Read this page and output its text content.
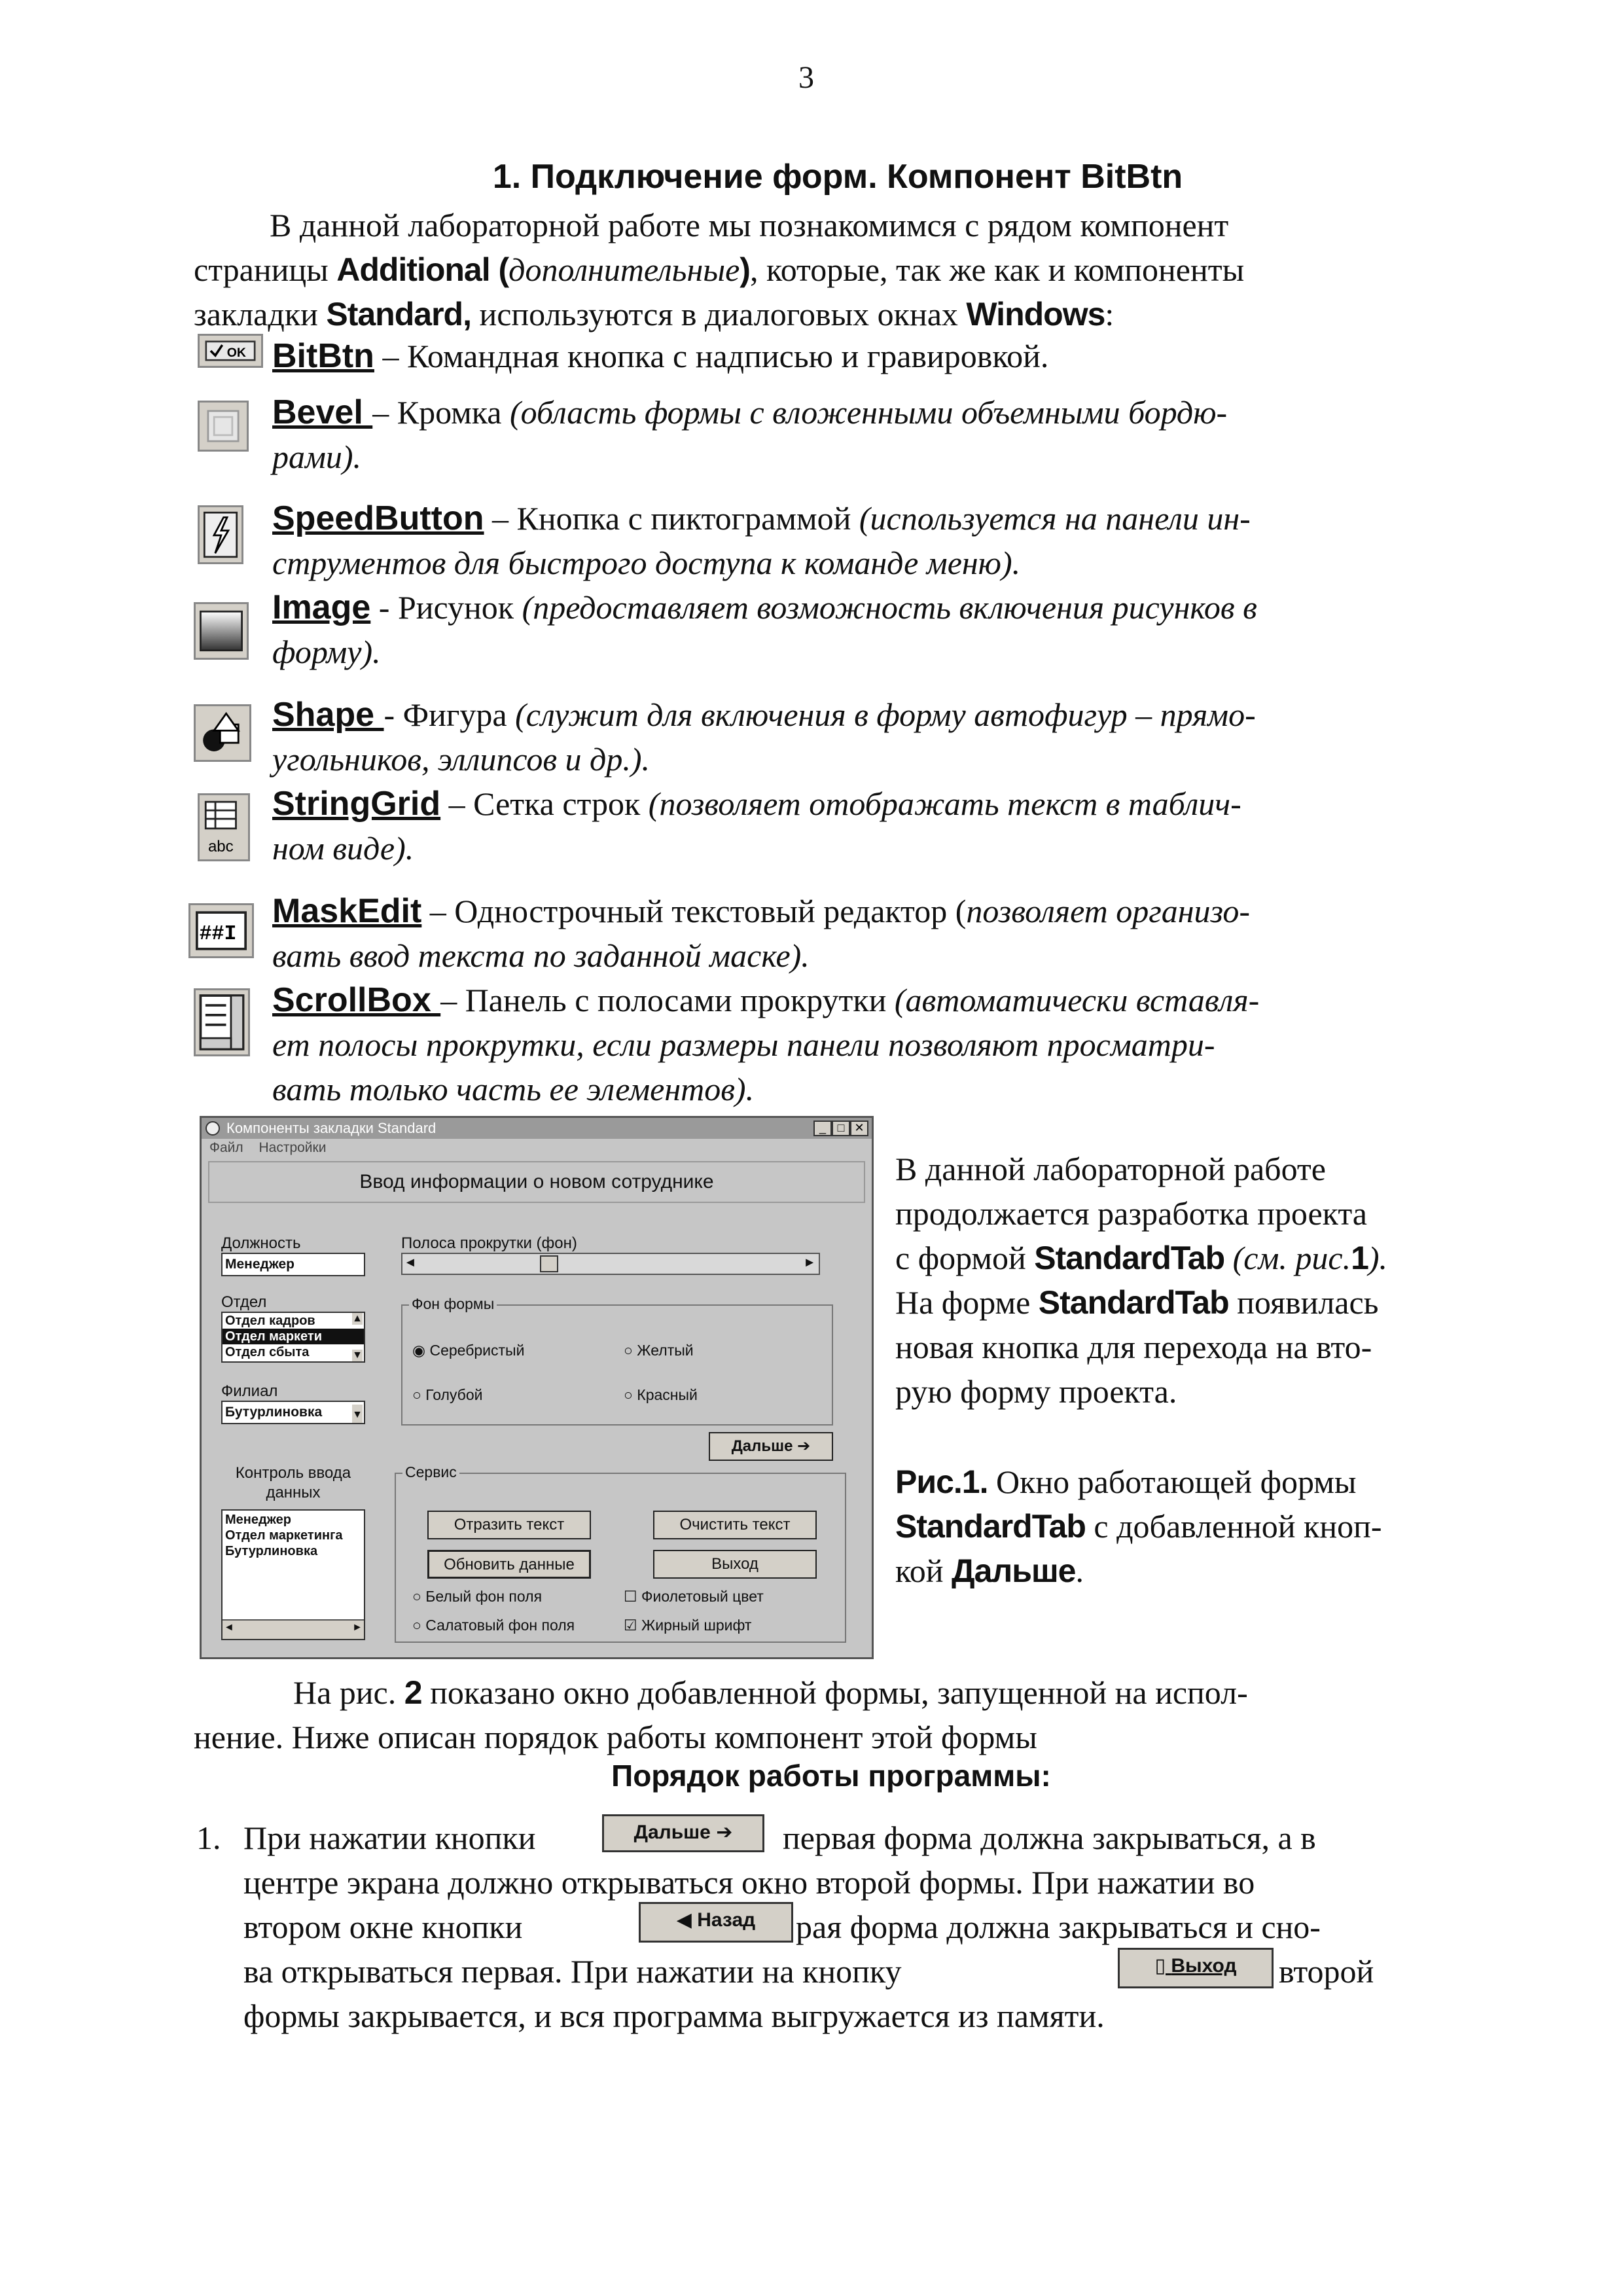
3
1. Подключение форм. Компонент BitBtn
В данной лабораторной работе мы познакомимся с рядом компонент
страницы Additional (дополнительные), которые, так же как и компоненты
закладки Standard, используются в диалоговых окнах Windows:
OK
abc
##I
BitBtn – Командная кнопка с надписью и гравировкой.
Bevel – Кромка (область формы с вложенными объемными бордю-
рами).
SpeedButton – Кнопка с пиктограммой (используется на панели ин-
струментов для быстрого доступа к команде меню).
Image - Рисунок (предоставляет возможность включения рисунков в
форму).
Shape - Фигура (служит для включения в форму автофигур – прямо-
угольников, эллипсов и др.).
StringGrid – Сетка строк (позволяет отображать текст в таблич-
ном виде).
MaskEdit – Однострочный текстовый редактор (позволяет организо-
вать ввод текста по заданной маске).
ScrollBox – Панель с полосами прокрутки (автоматически вставля-
ет полосы прокрутки, если размеры панели позволяют просматри-
вать только часть ее элементов).
Компоненты закладки Standard	_ □ ✕
Файл Настройки
Ввод информации о новом сотруднике
Должность
Менеджер
Полоса прокрутки (фон)
◄	►
Отдел
Отдел кадров
Отдел маркети
Отдел сбыта
▲
▼
Фон формы
◉ Серебристый	○ Желтый
○ Голубой	○ Красный
Филиал
Бутурлиновка	▼
Дальше ➔
Контроль ввода
данных
Менеджер
Отдел маркетинга
Бутурлиновка
◄	►
Сервис
Отразить текст	Очистить текст
Обновить данные	Выход
○ Белый фон поля	☐ Фиолетовый цвет
○ Салатовый фон поля	☑ Жирный шрифт
В данной лабораторной работе
продолжается разработка проекта
с формой StandardTab (см. рис.1).
На форме StandardTab появилась
новая кнопка для перехода на вто-
рую форму проекта.
Рис.1. Окно работающей формы
StandardTab с добавленной кноп-
кой Дальше.
На рис. 2 показано окно добавленной формы, запущенной на испол-
нение. Ниже описан порядок работы компонент этой формы
Порядок работы программы:
1. При нажатии кнопки	Дальше ➔	первая форма должна закрываться, а в
центре экрана должно открываться окно второй формы. При нажатии во
втором окне кнопки	◀ Назад	рая форма должна закрываться и сно-
ва открываться первая. При нажатии на кнопку	▯ Выход	второй
формы закрывается, и вся программа выгружается из памяти.
